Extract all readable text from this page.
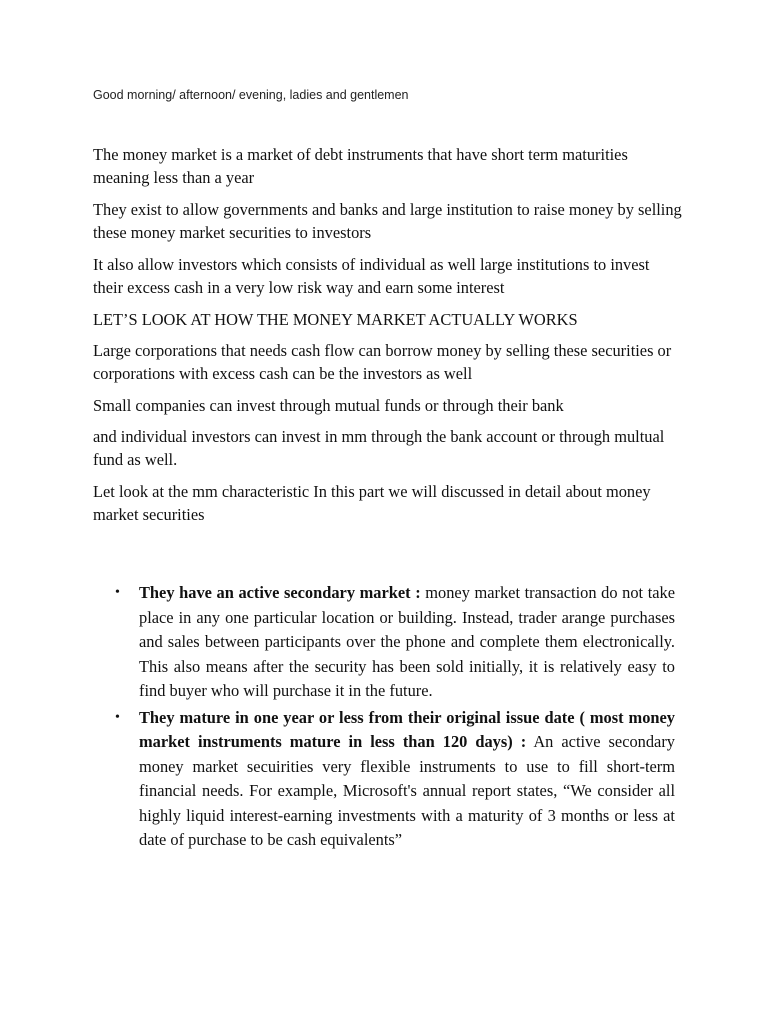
Good morning/ afternoon/ evening, ladies and gentlemen

The money market is a market of debt instruments that have short term maturities meaning less than a year

They exist to allow governments and banks and large institution to raise money by selling these money market securities to investors

It also allow investors which consists of individual as well large institutions to invest their excess cash in a very low risk way and earn some interest

LET’S LOOK AT HOW THE MONEY MARKET ACTUALLY WORKS

Large corporations that needs cash flow can borrow money by selling these securities or corporations with excess cash can be the investors as well

Small companies can invest through mutual funds or through their bank

and individual investors can invest in mm through the bank account or through multual fund as well.

Let look at the mm characteristic In this part we will discussed in detail about money market securities

• They have an active secondary market : money market transaction do not take place in any one particular location or building. Instead, trader arange purchases and sales between participants over the phone and complete them electronically. This also means after the security has been sold initially, it is relatively easy to find buyer who will purchase it in the future.
• They mature in one year or less from their original issue date ( most money market instruments mature in less than 120 days) : An active secondary money market secuirities very flexible instruments to use to fill short-term financial needs. For example, Microsoft's annual report states, “We consider all highly liquid interest-earning investments with a maturity of 3 months or less at date of purchase to be cash equivalents”
